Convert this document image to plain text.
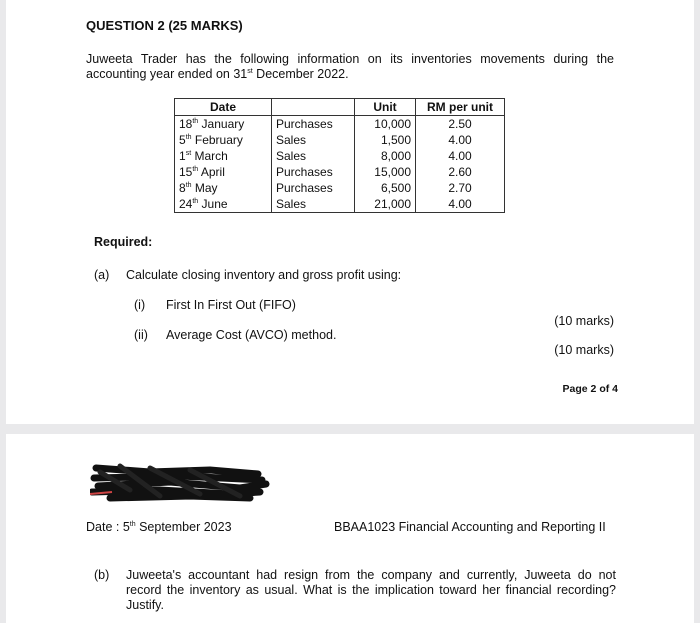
QUESTION 2 (25 MARKS)
Juweeta Trader has the following information on its inventories movements during the accounting year ended on 31st December 2022.
Date		Unit	RM per unit
18th January	Purchases	10,000	2.50
5th February	Sales	1,500	4.00
1st March	Sales	8,000	4.00
15th April	Purchases	15,000	2.60
8th May	Purchases	6,500	2.70
24th June	Sales	21,000	4.00
Required:
(a) Calculate closing inventory and gross profit using:
(i) First In First Out (FIFO)
(ii) Average Cost (AVCO) method.
(10 marks)
(10 marks)
Page 2 of 4
Date : 5th September 2023	BBAA1023 Financial Accounting and Reporting II
(b) Juweeta's accountant had resign from the company and currently, Juweeta do not record the inventory as usual. What is the implication toward her financial recording? Justify.
